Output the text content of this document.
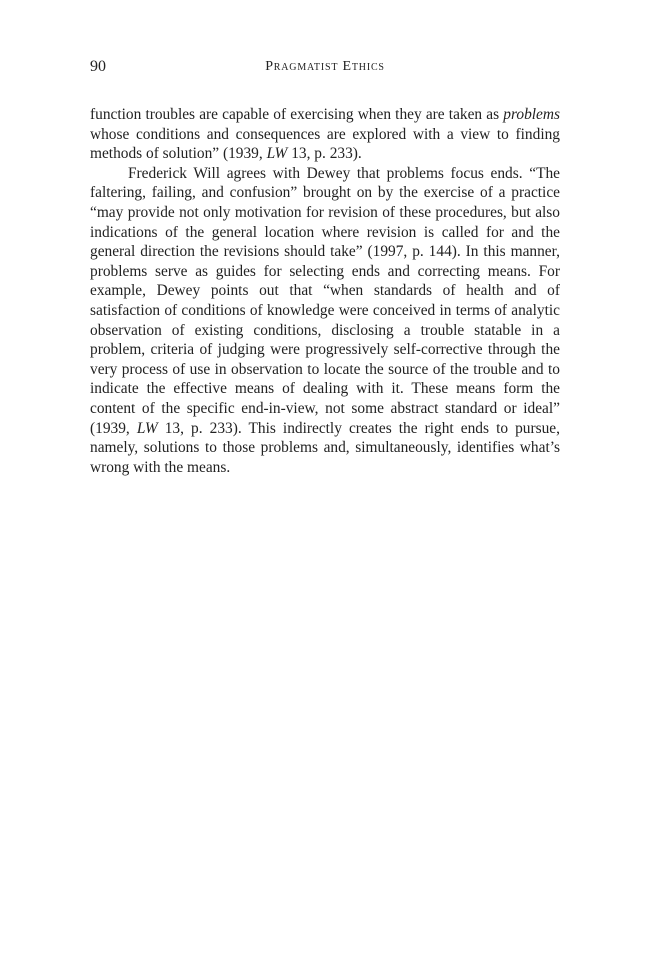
90	Pragmatist Ethics

function troubles are capable of exercising when they are taken as problems whose conditions and consequences are explored with a view to finding methods of solution” (1939, LW 13, p. 233).

Frederick Will agrees with Dewey that problems focus ends. “The faltering, failing, and confusion” brought on by the exercise of a practice “may provide not only motivation for revision of these procedures, but also indications of the general location where revision is called for and the general direction the revisions should take” (1997, p. 144). In this manner, problems serve as guides for selecting ends and correcting means. For example, Dewey points out that “when standards of health and of satisfaction of conditions of knowledge were conceived in terms of analytic observation of existing conditions, disclosing a trouble statable in a problem, criteria of judging were progressively self-corrective through the very process of use in observation to locate the source of the trouble and to indicate the effective means of dealing with it. These means form the content of the specific end-in-view, not some abstract standard or ideal” (1939, LW 13, p. 233). This indirectly creates the right ends to pursue, namely, solutions to those problems and, simultaneously, identifies what’s wrong with the means.
